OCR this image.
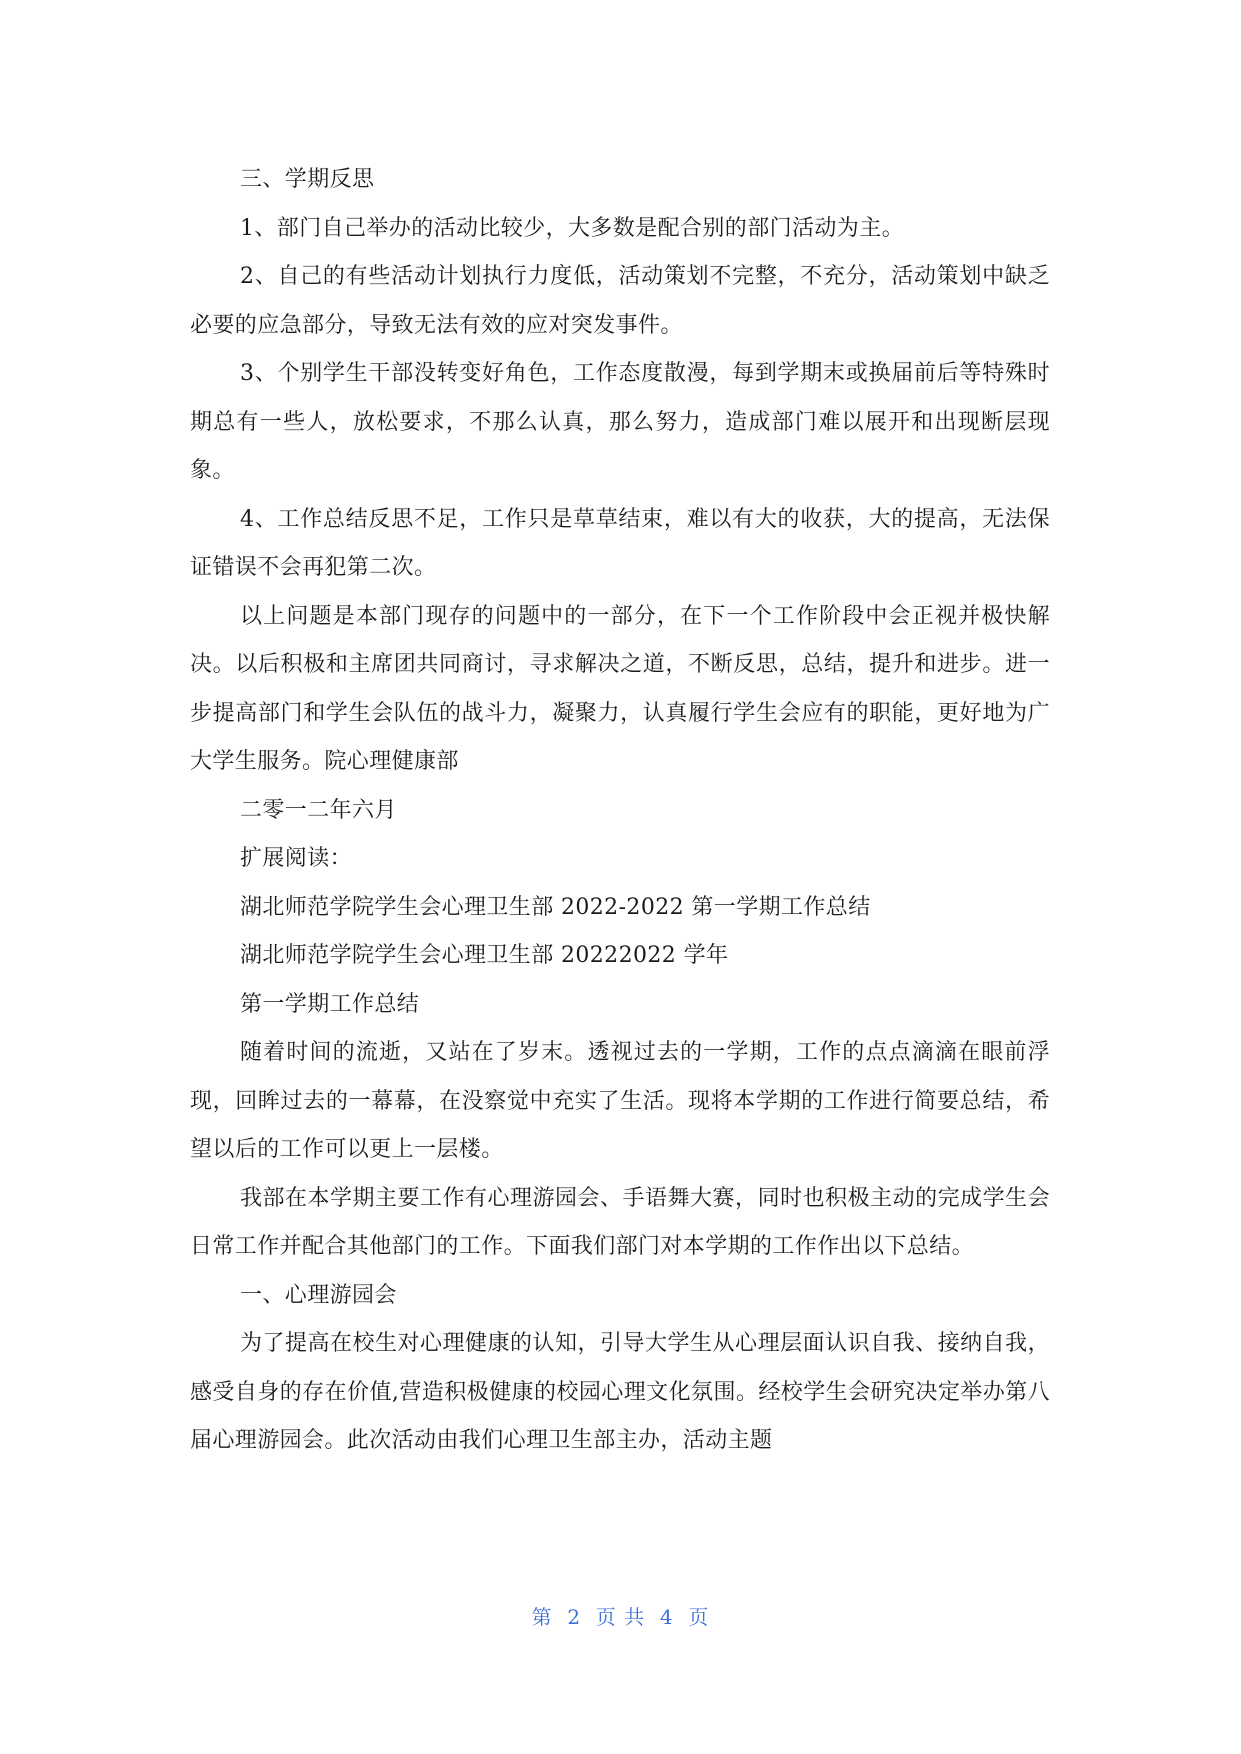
三、学期反思

1、部门自己举办的活动比较少，大多数是配合别的部门活动为主。

2、自己的有些活动计划执行力度低，活动策划不完整，不充分，活动策划中缺乏必要的应急部分，导致无法有效的应对突发事件。

3、个别学生干部没转变好角色，工作态度散漫，每到学期末或换届前后等特殊时期总有一些人，放松要求，不那么认真，那么努力，造成部门难以展开和出现断层现象。

4、工作总结反思不足，工作只是草草结束，难以有大的收获，大的提高，无法保证错误不会再犯第二次。

以上问题是本部门现存的问题中的一部分，在下一个工作阶段中会正视并极快解决。以后积极和主席团共同商讨，寻求解决之道，不断反思，总结，提升和进步。进一步提高部门和学生会队伍的战斗力，凝聚力，认真履行学生会应有的职能，更好地为广大学生服务。院心理健康部

二零一二年六月

扩展阅读：

湖北师范学院学生会心理卫生部 2022-2022 第一学期工作总结

湖北师范学院学生会心理卫生部 20222022 学年

第一学期工作总结

随着时间的流逝，又站在了岁末。透视过去的一学期，工作的点点滴滴在眼前浮现，回眸过去的一幕幕，在没察觉中充实了生活。现将本学期的工作进行简要总结，希望以后的工作可以更上一层楼。

我部在本学期主要工作有心理游园会、手语舞大赛，同时也积极主动的完成学生会日常工作并配合其他部门的工作。下面我们部门对本学期的工作作出以下总结。

一、心理游园会

为了提高在校生对心理健康的认知，引导大学生从心理层面认识自我、接纳自我，感受自身的存在价值,营造积极健康的校园心理文化氛围。经校学生会研究决定举办第八届心理游园会。此次活动由我们心理卫生部主办，活动主题

第  2  页 共  4  页
